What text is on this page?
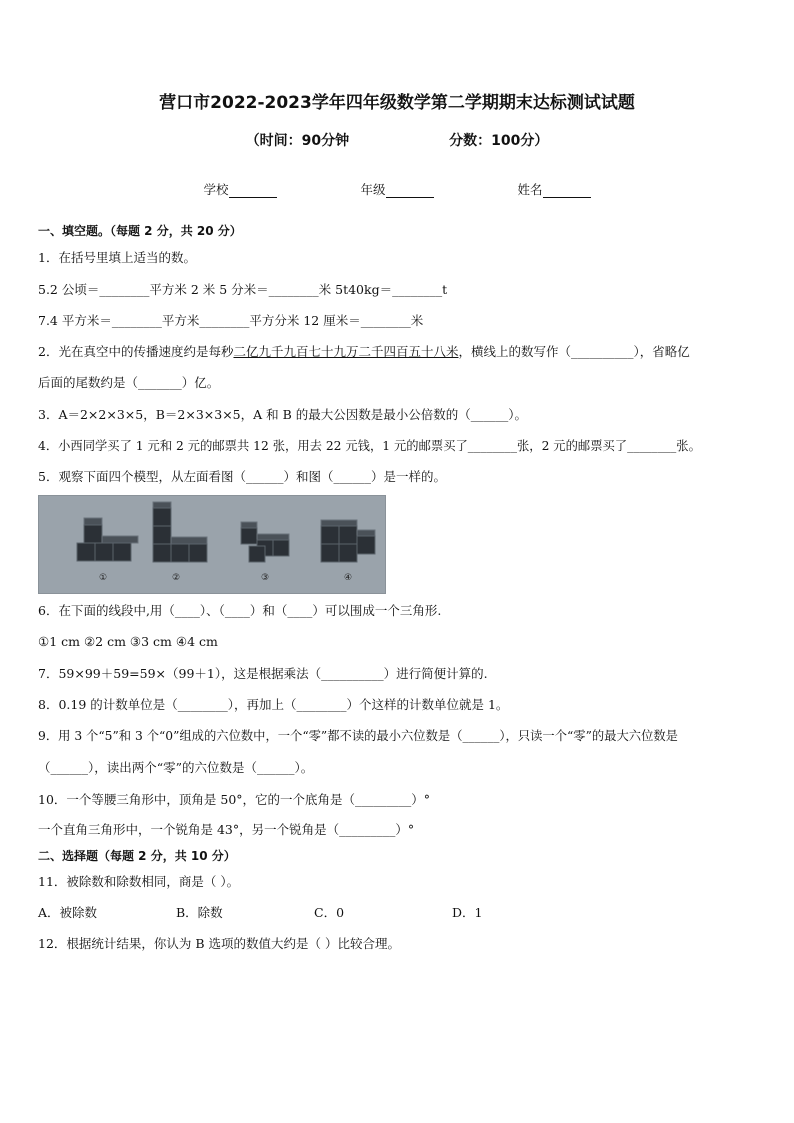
营口市2022-2023学年四年级数学第二学期期末达标测试试题
（时间：90分钟	分数：100分）
学校	年级	姓名
一、填空题。（每题 2 分，共 20 分）
1．在括号里填上适当的数。
5.2 公顷＝________平方米 2 米 5 分米＝________米 5t40kg＝________t
7.4 平方米＝________平方米________平方分米 12 厘米＝________米
2．光在真空中的传播速度约是每秒二亿九千九百七十九万二千四百五十八米，横线上的数写作（__________），省略亿
后面的尾数约是（_______）亿。
3．A＝2×2×3×5，B＝2×3×3×5，A 和 B 的最大公因数是最小公倍数的（______）。
4．小西同学买了 1 元和 2 元的邮票共 12 张，用去 22 元钱，1 元的邮票买了________张，2 元的邮票买了________张。
5．观察下面四个模型，从左面看图（______）和图（______）是一样的。
①	②	③	④
6．在下面的线段中,用（____）、（____）和（____）可以围成一个三角形.
①1 cm ②2 cm ③3 cm ④4 cm
7．59×99＋59=59×（99＋1），这是根据乘法（__________）进行简便计算的.
8．0.19 的计数单位是（________），再加上（________）个这样的计数单位就是 1。
9．用 3 个“5”和 3 个“0”组成的六位数中，一个“零”都不读的最小六位数是（______），只读一个“零”的最大六位数是
（______），读出两个“零”的六位数是（______）。
10．一个等腰三角形中，顶角是 50°，它的一个底角是（_________）°
一个直角三角形中，一个锐角是 43°，另一个锐角是（_________）°
二、选择题（每题 2 分，共 10 分）
11．被除数和除数相同，商是（ ）。
A．被除数	B．除数	C．0	D．1
12．根据统计结果，你认为 B 选项的数值大约是（ ）比较合理。
